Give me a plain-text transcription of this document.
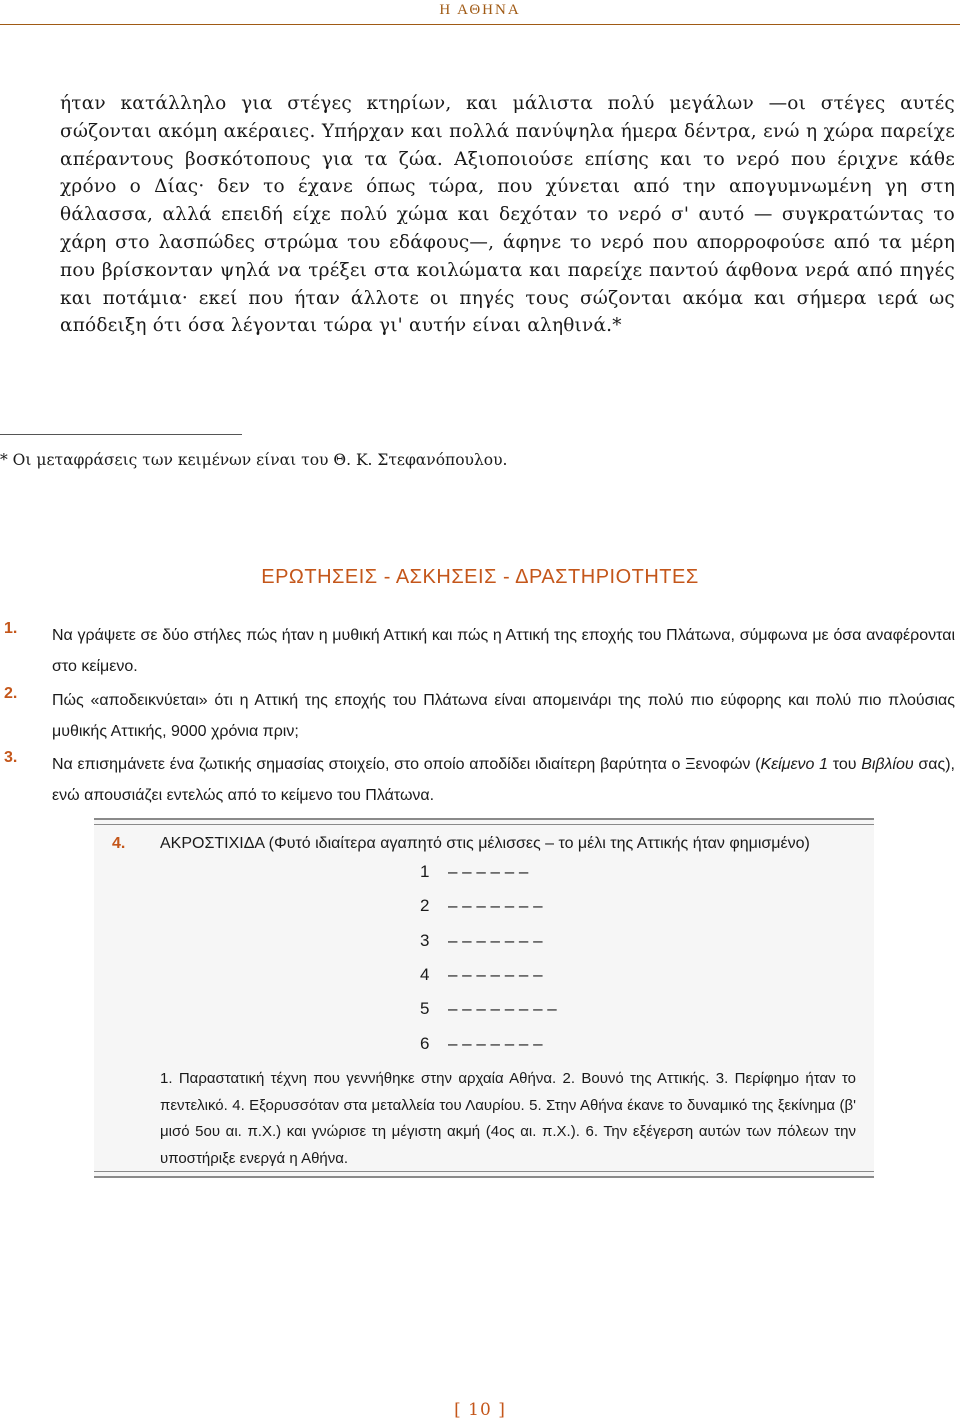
Η ΑΘΗΝΑ

ήταν κατάλληλο για στέγες κτηρίων, και μάλιστα πολύ μεγάλων —οι στέγες αυτές σώζονται ακόμη ακέραιες. Υπήρχαν και πολλά πανύψηλα ήμερα δέντρα, ενώ η χώρα παρείχε απέραντους βοσκότοπους για τα ζώα. Αξιοποιούσε επίσης και το νερό που έριχνε κάθε χρόνο ο Δίας· δεν το έχανε όπως τώρα, που χύνεται από την απογυμνωμένη γη στη θάλασσα, αλλά επειδή είχε πολύ χώμα και δεχόταν το νερό σ' αυτό — συγκρατώντας το χάρη στο λασπώδες στρώμα του εδάφους—, άφηνε το νερό που απορροφούσε από τα μέρη που βρίσκονταν ψηλά να τρέξει στα κοιλώματα και παρείχε παντού άφθονα νερά από πηγές και ποτάμια· εκεί που ήταν άλλοτε οι πηγές τους σώζονται ακόμα και σήμερα ιερά ως απόδειξη ότι όσα λέγονται τώρα γι' αυτήν είναι αληθινά.*

* Οι μεταφράσεις των κειμένων είναι του Θ. Κ. Στεφανόπουλου.

ΕΡΩΤΗΣΕΙΣ - ΑΣΚΗΣΕΙΣ - ΔΡΑΣΤΗΡΙΟΤΗΤΕΣ
1. Να γράψετε σε δύο στήλες πώς ήταν η μυθική Αττική και πώς η Αττική της εποχής του Πλάτωνα, σύμφωνα με όσα αναφέρονται στο κείμενο.

2. Πώς «αποδεικνύεται» ότι η Αττική της εποχής του Πλάτωνα είναι απομεινάρι της πολύ πιο εύφορης και πολύ πιο πλούσιας μυθικής Αττικής, 9000 χρόνια πριν;

3. Να επισημάνετε ένα ζωτικής σημασίας στοιχείο, στο οποίο αποδίδει ιδιαίτερη βαρύτητα ο Ξενοφών (Κείμενο 1 του Βιβλίου σας), ενώ απουσιάζει εντελώς από το κείμενο του Πλάτωνα.

4. ΑΚΡΟΣΤΙΧΙΔΑ (Φυτό ιδιαίτερα αγαπητό στις μέλισσες – το μέλι της Αττικής ήταν φημισμένο)
1 – – – – – –
2 – – – – – – –
3 – – – – – – –
4 – – – – – – –
5 – – – – – – – –
6 – – – – – – –

1. Παραστατική τέχνη που γεννήθηκε στην αρχαία Αθήνα. 2. Βουνό της Αττικής. 3. Περίφημο ήταν το πεντελικό. 4. Εξορυσσόταν στα μεταλλεία του Λαυρίου. 5. Στην Αθήνα έκανε το δυναμικό της ξεκίνημα (β' μισό 5ου αι. π.Χ.) και γνώρισε τη μέγιστη ακμή (4ος αι. π.Χ.). 6. Την εξέγερση αυτών των πόλεων την υποστήριξε ενεργά η Αθήνα.

[ 10 ]
